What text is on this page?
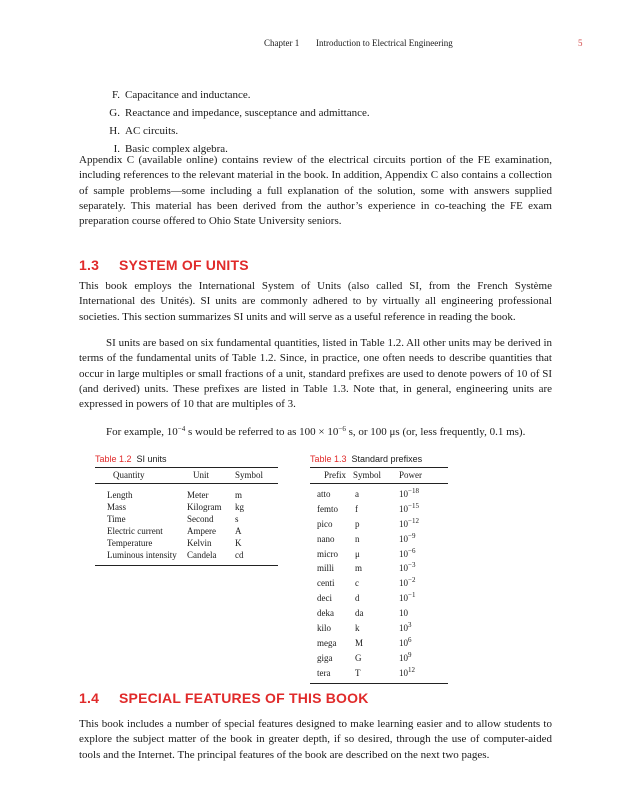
Chapter 1 Introduction to Electrical Engineering	5
F. Capacitance and inductance.
G. Reactance and impedance, susceptance and admittance.
H. AC circuits.
I. Basic complex algebra.

Appendix C (available online) contains review of the electrical circuits portion of the FE examination, including references to the relevant material in the book. In addition, Appendix C also contains a collection of sample problems—some including a full explanation of the solution, some with answers supplied separately. This material has been derived from the author’s experience in co-teaching the FE exam preparation course offered to Ohio State University seniors.

1.3 SYSTEM OF UNITS

This book employs the International System of Units (also called SI, from the French Système International des Unités). SI units are commonly adhered to by virtually all engineering professional societies. This section summarizes SI units and will serve as a useful reference in reading the book.

SI units are based on six fundamental quantities, listed in Table 1.2. All other units may be derived in terms of the fundamental units of Table 1.2. Since, in practice, one often needs to describe quantities that occur in large multiples or small fractions of a unit, standard prefixes are used to denote powers of 10 of SI (and derived) units. These prefixes are listed in Table 1.3. Note that, in general, engineering units are expressed in powers of 10 that are multiples of 3.

For example, $10^{-4}$ s would be referred to as $100 \times 10^{-6}$ s, or 100 μs (or, less frequently, 0.1 ms).

Table 1.2 SI units	Table 1.3 Standard prefixes
Quantity	Unit	Symbol
Length	Meter	m
Mass	Kilogram	kg
Time	Second	s
Electric current	Ampere	A
Temperature	Kelvin	K
Luminous intensity	Candela	cd
Prefix Symbol	Power
atto	a	$10^{-18}$
femto	f	$10^{-15}$
pico	p	$10^{-12}$
nano	n	$10^{-9}$
micro	μ	$10^{-6}$
milli	m	$10^{-3}$
centi	c	$10^{-2}$
deci	d	$10^{-1}$
deka	da	10
kilo	k	$10^3$
mega	M	$10^6$
giga	G	$10^9$
tera	T	$10^{12}$
1.4 SPECIAL FEATURES OF THIS BOOK

This book includes a number of special features designed to make learning easier and to allow students to explore the subject matter of the book in greater depth, if so desired, through the use of computer-aided tools and the Internet. The principal features of the book are described on the next two pages.
